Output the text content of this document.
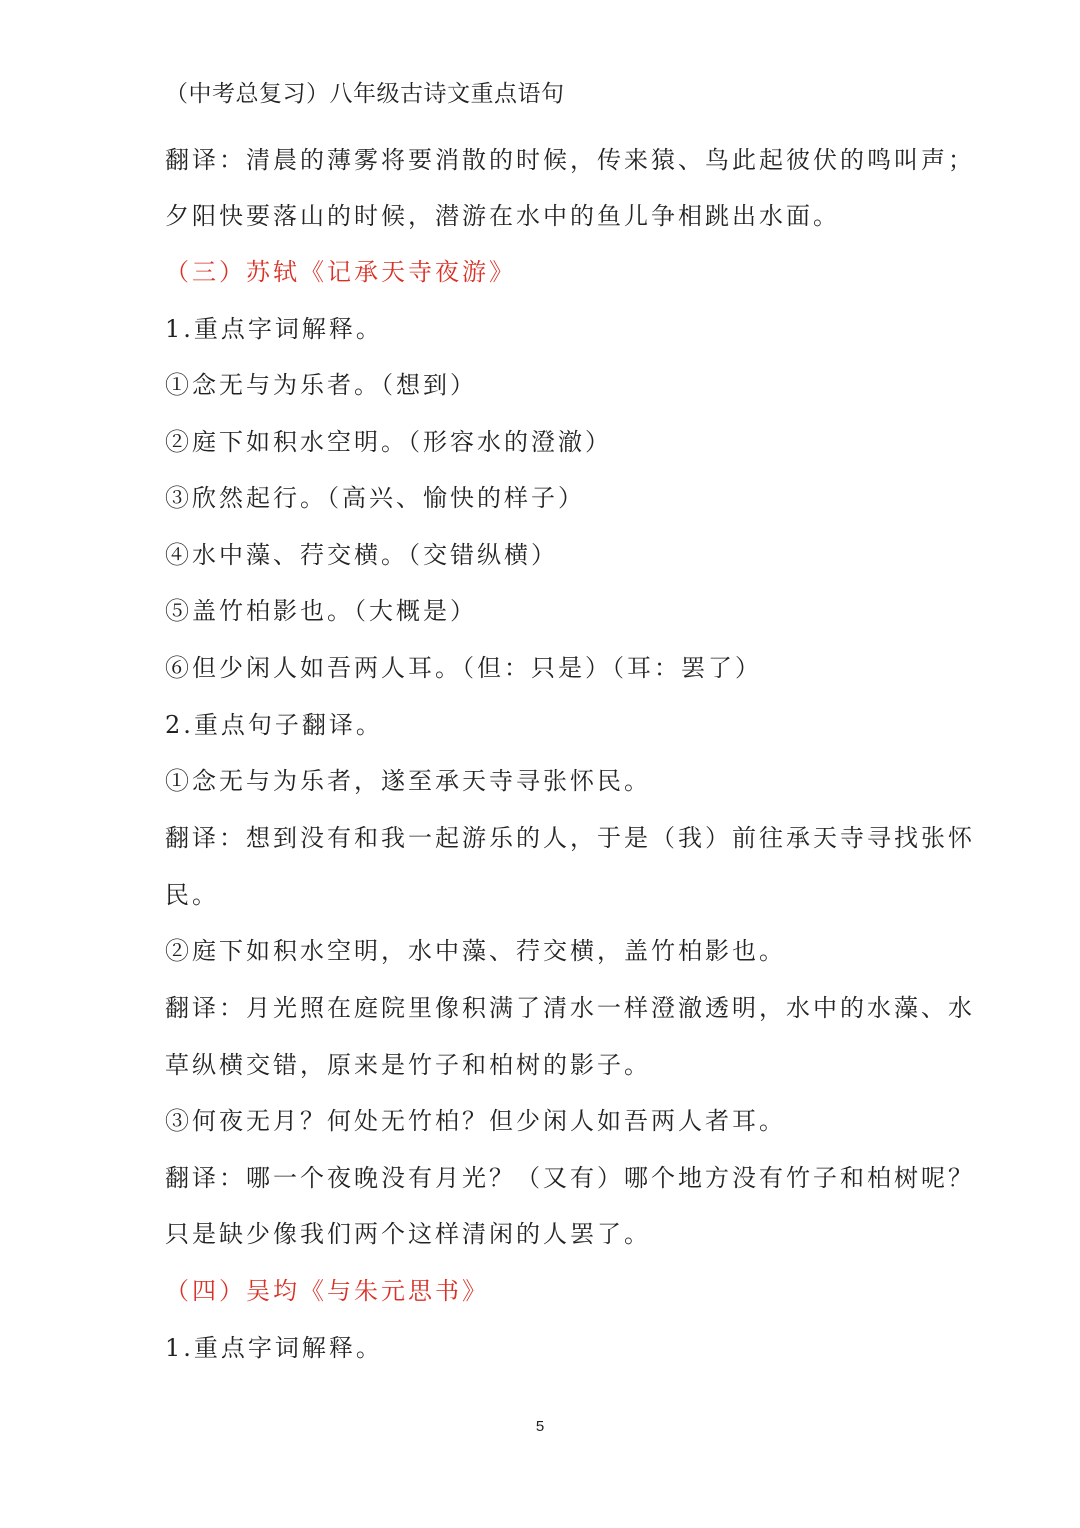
（中考总复习）八年级古诗文重点语句
翻译：清晨的薄雾将要消散的时候，传来猿、鸟此起彼伏的鸣叫声；
夕阳快要落山的时候，潜游在水中的鱼儿争相跳出水面。
（三）苏轼《记承天寺夜游》
1.重点字词解释。
①念无与为乐者。（想到）
②庭下如积水空明。（形容水的澄澈）
③欣然起行。（高兴、愉快的样子）
④水中藻、荇交横。（交错纵横）
⑤盖竹柏影也。（大概是）
⑥但少闲人如吾两人耳。（但：只是）（耳：罢了）
2.重点句子翻译。
①念无与为乐者，遂至承天寺寻张怀民。
翻译：想到没有和我一起游乐的人，于是（我）前往承天寺寻找张怀
民。
②庭下如积水空明，水中藻、荇交横，盖竹柏影也。
翻译：月光照在庭院里像积满了清水一样澄澈透明，水中的水藻、水
草纵横交错，原来是竹子和柏树的影子。
③何夜无月？何处无竹柏？但少闲人如吾两人者耳。
翻译：哪一个夜晚没有月光？（又有）哪个地方没有竹子和柏树呢？
只是缺少像我们两个这样清闲的人罢了。
（四）吴均《与朱元思书》
1.重点字词解释。
5
